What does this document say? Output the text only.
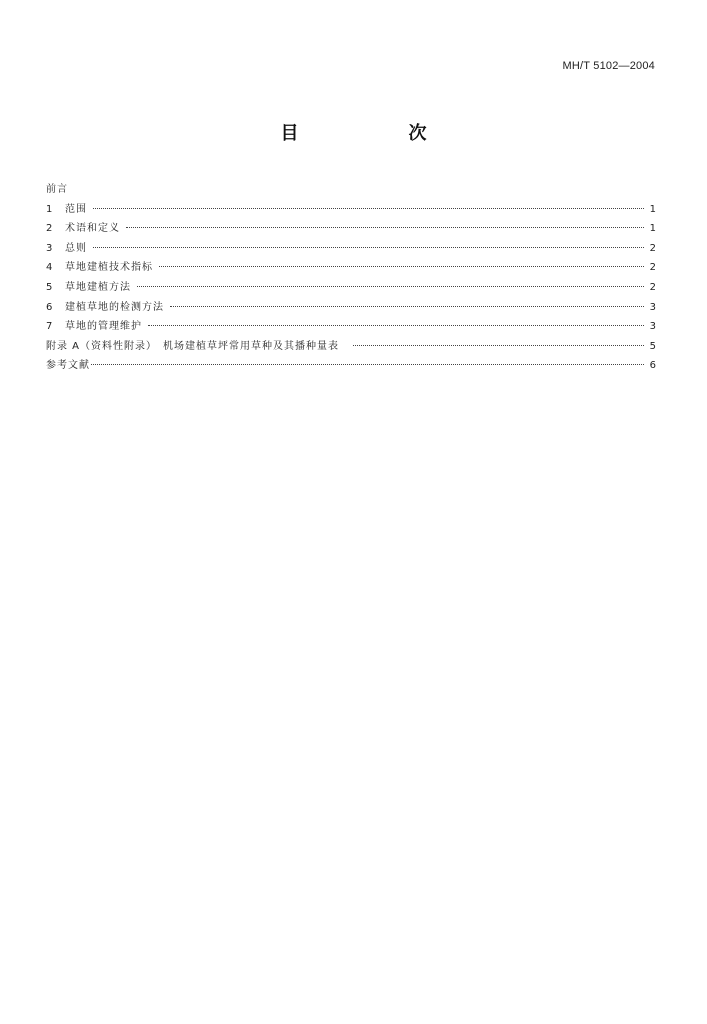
MH/T 5102—2004
目　次
前言
1 范围	1
2 术语和定义	1
3 总则	2
4 草地建植技术指标	2
5 草地建植方法	2
6 建植草地的检测方法	3
7 草地的管理维护	3
附录 A（资料性附录）　机场建植草坪常用草种及其播种量表	5
参考文献	6
